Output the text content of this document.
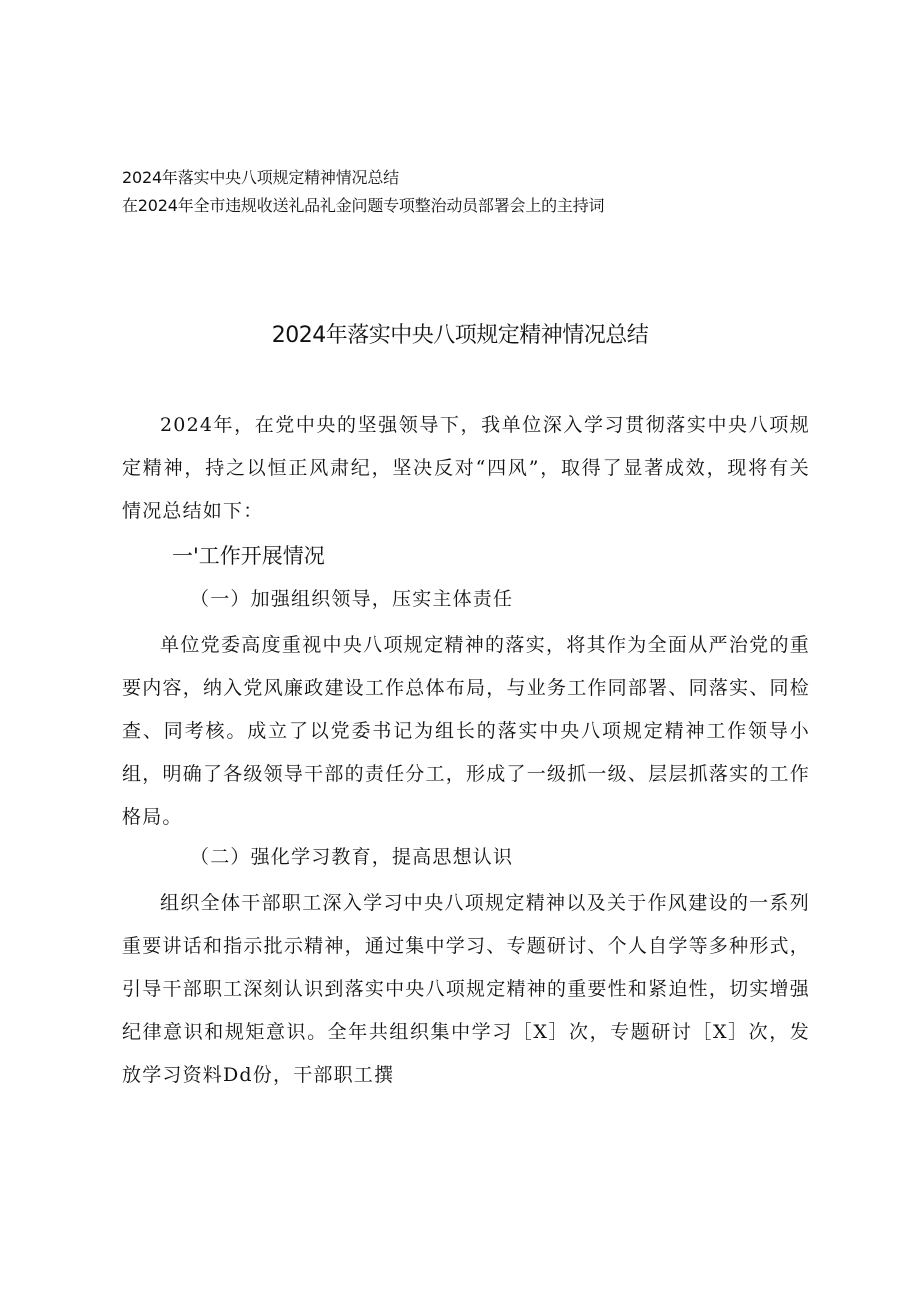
2024年落实中央八项规定精神情况总结
在2024年全市违规收送礼品礼金问题专项整治动员部署会上的主持词
2024年落实中央八项规定精神情况总结
2024年，在党中央的坚强领导下，我单位深入学习贯彻落实中央八项规定精神，持之以恒正风肃纪，坚决反对“四风”，取得了显著成效，现将有关情况总结如下：
一'工作开展情况
（一）加强组织领导，压实主体责任
单位党委高度重视中央八项规定精神的落实，将其作为全面从严治党的重要内容，纳入党风廉政建设工作总体布局，与业务工作同部署、同落实、同检查、同考核。成立了以党委书记为组长的落实中央八项规定精神工作领导小组，明确了各级领导干部的责任分工，形成了一级抓一级、层层抓落实的工作格局。
（二）强化学习教育，提高思想认识
组织全体干部职工深入学习中央八项规定精神以及关于作风建设的一系列重要讲话和指示批示精神，通过集中学习、专题研讨、个人自学等多种形式，引导干部职工深刻认识到落实中央八项规定精神的重要性和紧迫性，切实增强纪律意识和规矩意识。全年共组织集中学习［X］次，专题研讨［X］次，发放学习资料Dd份，干部职工撰
